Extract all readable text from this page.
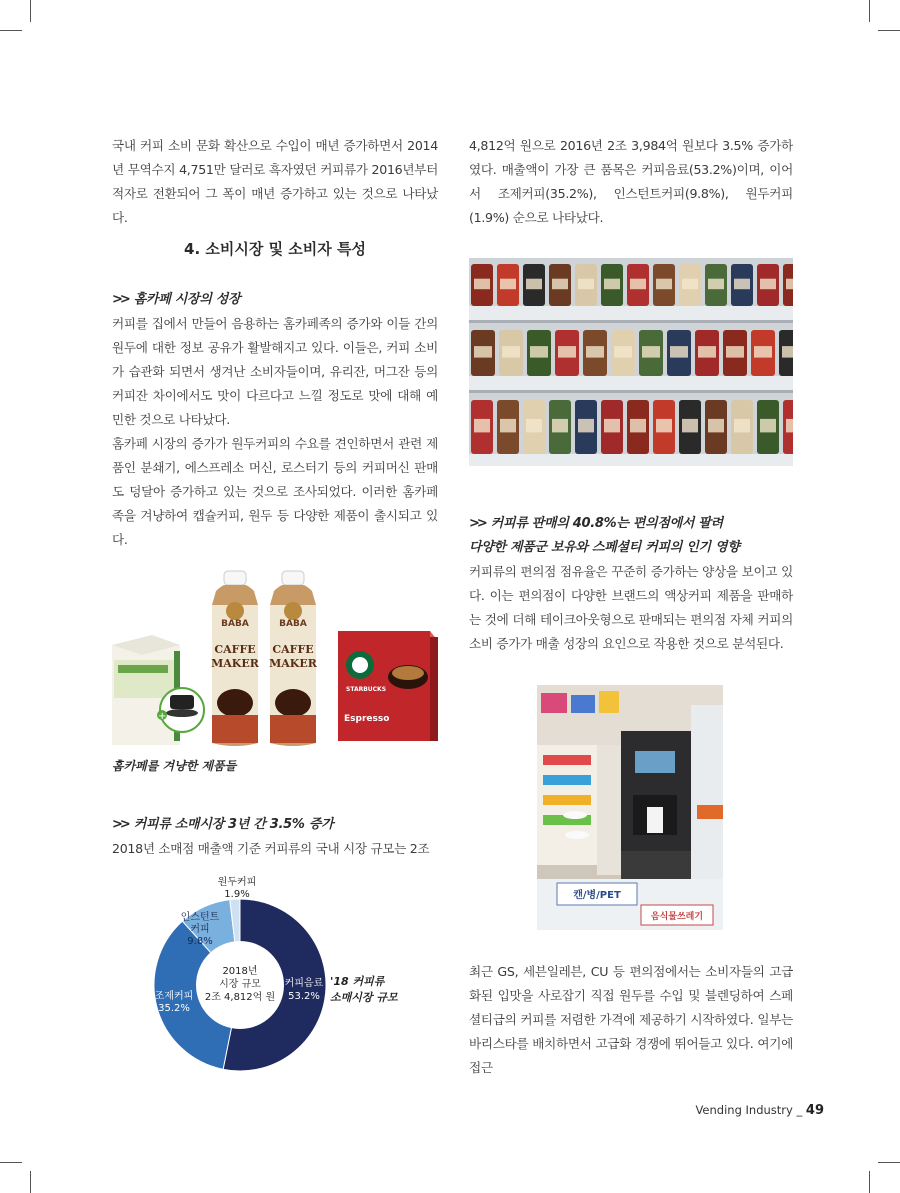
국내 커피 소비 문화 확산으로 수입이 매년 증가하면서 2014년 무역수지 4,751만 달러로 흑자였던 커피류가 2016년부터 적자로 전환되어 그 폭이 매년 증가하고 있는 것으로 나타났다.

4. 소비시장 및 소비자 특성
>> 홈카페 시장의 성장

커피를 집에서 만들어 음용하는 홈카페족의 증가와 이들 간의 원두에 대한 정보 공유가 활발해지고 있다. 이들은, 커피 소비가 습관화 되면서 생겨난 소비자들이며, 유리잔, 머그잔 등의 커피잔 차이에서도 맛이 다르다고 느낄 정도로 맛에 대해 예민한 것으로 나타났다.

홈카페 시장의 증가가 원두커피의 수요를 견인하면서 관련 제품인 분쇄기, 에스프레소 머신, 로스터기 등의 커피머신 판매도 덩달아 증가하고 있는 것으로 조사되었다. 이러한 홈카페족을 겨냥하여 캡슐커피, 원두 등 다양한 제품이 출시되고 있다.

+
BABA
CAFFE
MAKER
BABA
CAFFE
MAKER
STARBUCKS
Espresso
홈카페를 겨냥한 제품들
>> 커피류 소매시장 3년 간 3.5% 증가

2018년 소매점 매출액 기준 커피류의 국내 시장 규모는 2조

2018년
시장 규모
2조 4,812억 원
커피음료
53.2%
조제커피
35.2%
인스턴트
커피
9.8%
원두커피
1.9%
'18 커피류
소매시장 규모

4,812억 원으로 2016년 2조 3,984억 원보다 3.5% 증가하였다. 매출액이 가장 큰 품목은 커피음료(53.2%)이며, 이어서 조제커피(35.2%), 인스턴트커피(9.8%), 원두커피(1.9%) 순으로 나타났다.

>> 커피류 판매의 40.8%는 편의점에서 팔려
다양한 제품군 보유와 스페셜티 커피의 인기 영향

커피류의 편의점 점유율은 꾸준히 증가하는 양상을 보이고 있다. 이는 편의점이 다양한 브랜드의 액상커피 제품을 판매하는 것에 더해 테이크아웃형으로 판매되는 편의점 자체 커피의 소비 증가가 매출 성장의 요인으로 작용한 것으로 분석된다.

캔/병/PET
음식물쓰레기

최근 GS, 세븐일레븐, CU 등 편의점에서는 소비자들의 고급화된 입맛을 사로잡기 직접 원두를 수입 및 블렌딩하여 스페셜티급의 커피를 저렴한 가격에 제공하기 시작하였다. 일부는 바리스타를 배치하면서 고급화 경쟁에 뛰어들고 있다. 여기에 접근

Vending Industry _ 49
